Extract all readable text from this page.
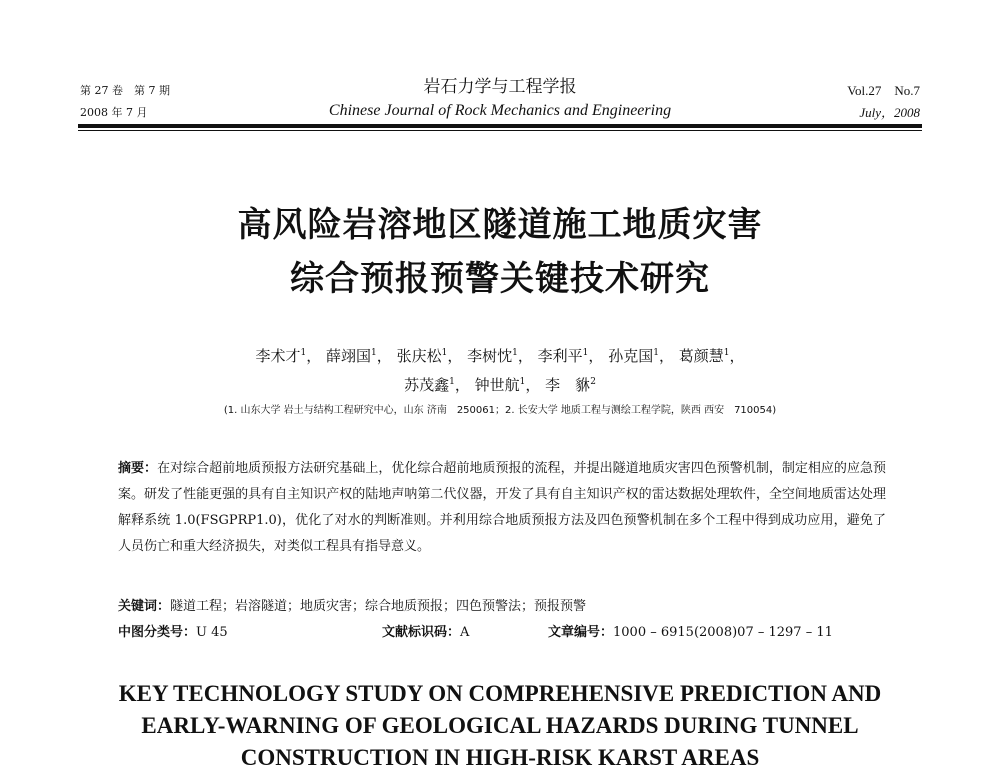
第 27 卷　第 7 期
2008 年 7 月
岩石力学与工程学报
Chinese Journal of Rock Mechanics and Engineering
Vol.27　No.7
July，2008
高风险岩溶地区隧道施工地质灾害
综合预报预警关键技术研究
李术才$^1$， 薛翊国$^1$， 张庆松$^1$， 李树忱$^1$， 李利平$^1$， 孙克国$^1$， 葛颜慧$^1$，
苏茂鑫$^1$， 钟世航$^1$， 李　貅$^2$
(1. 山东大学 岩土与结构工程研究中心，山东 济南　250061；2. 长安大学 地质工程与测绘工程学院，陕西 西安　710054)
摘要：在对综合超前地质预报方法研究基础上，优化综合超前地质预报的流程，并提出隧道地质灾害四色预警机制，制定相应的应急预案。研发了性能更强的具有自主知识产权的陆地声呐第二代仪器，开发了具有自主知识产权的雷达数据处理软件，全空间地质雷达处理解释系统 1.0(FSGPRP1.0)，优化了对水的判断准则。并利用综合地质预报方法及四色预警机制在多个工程中得到成功应用，避免了人员伤亡和重大经济损失，对类似工程具有指导意义。
关键词：隧道工程；岩溶隧道；地质灾害；综合地质预报；四色预警法；预报预警
中图分类号：U 45	文献标识码：A	文章编号：1000 – 6915(2008)07 – 1297 – 11
KEY TECHNOLOGY STUDY ON COMPREHENSIVE PREDICTION AND
EARLY-WARNING OF GEOLOGICAL HAZARDS DURING TUNNEL
CONSTRUCTION IN HIGH-RISK KARST AREAS
